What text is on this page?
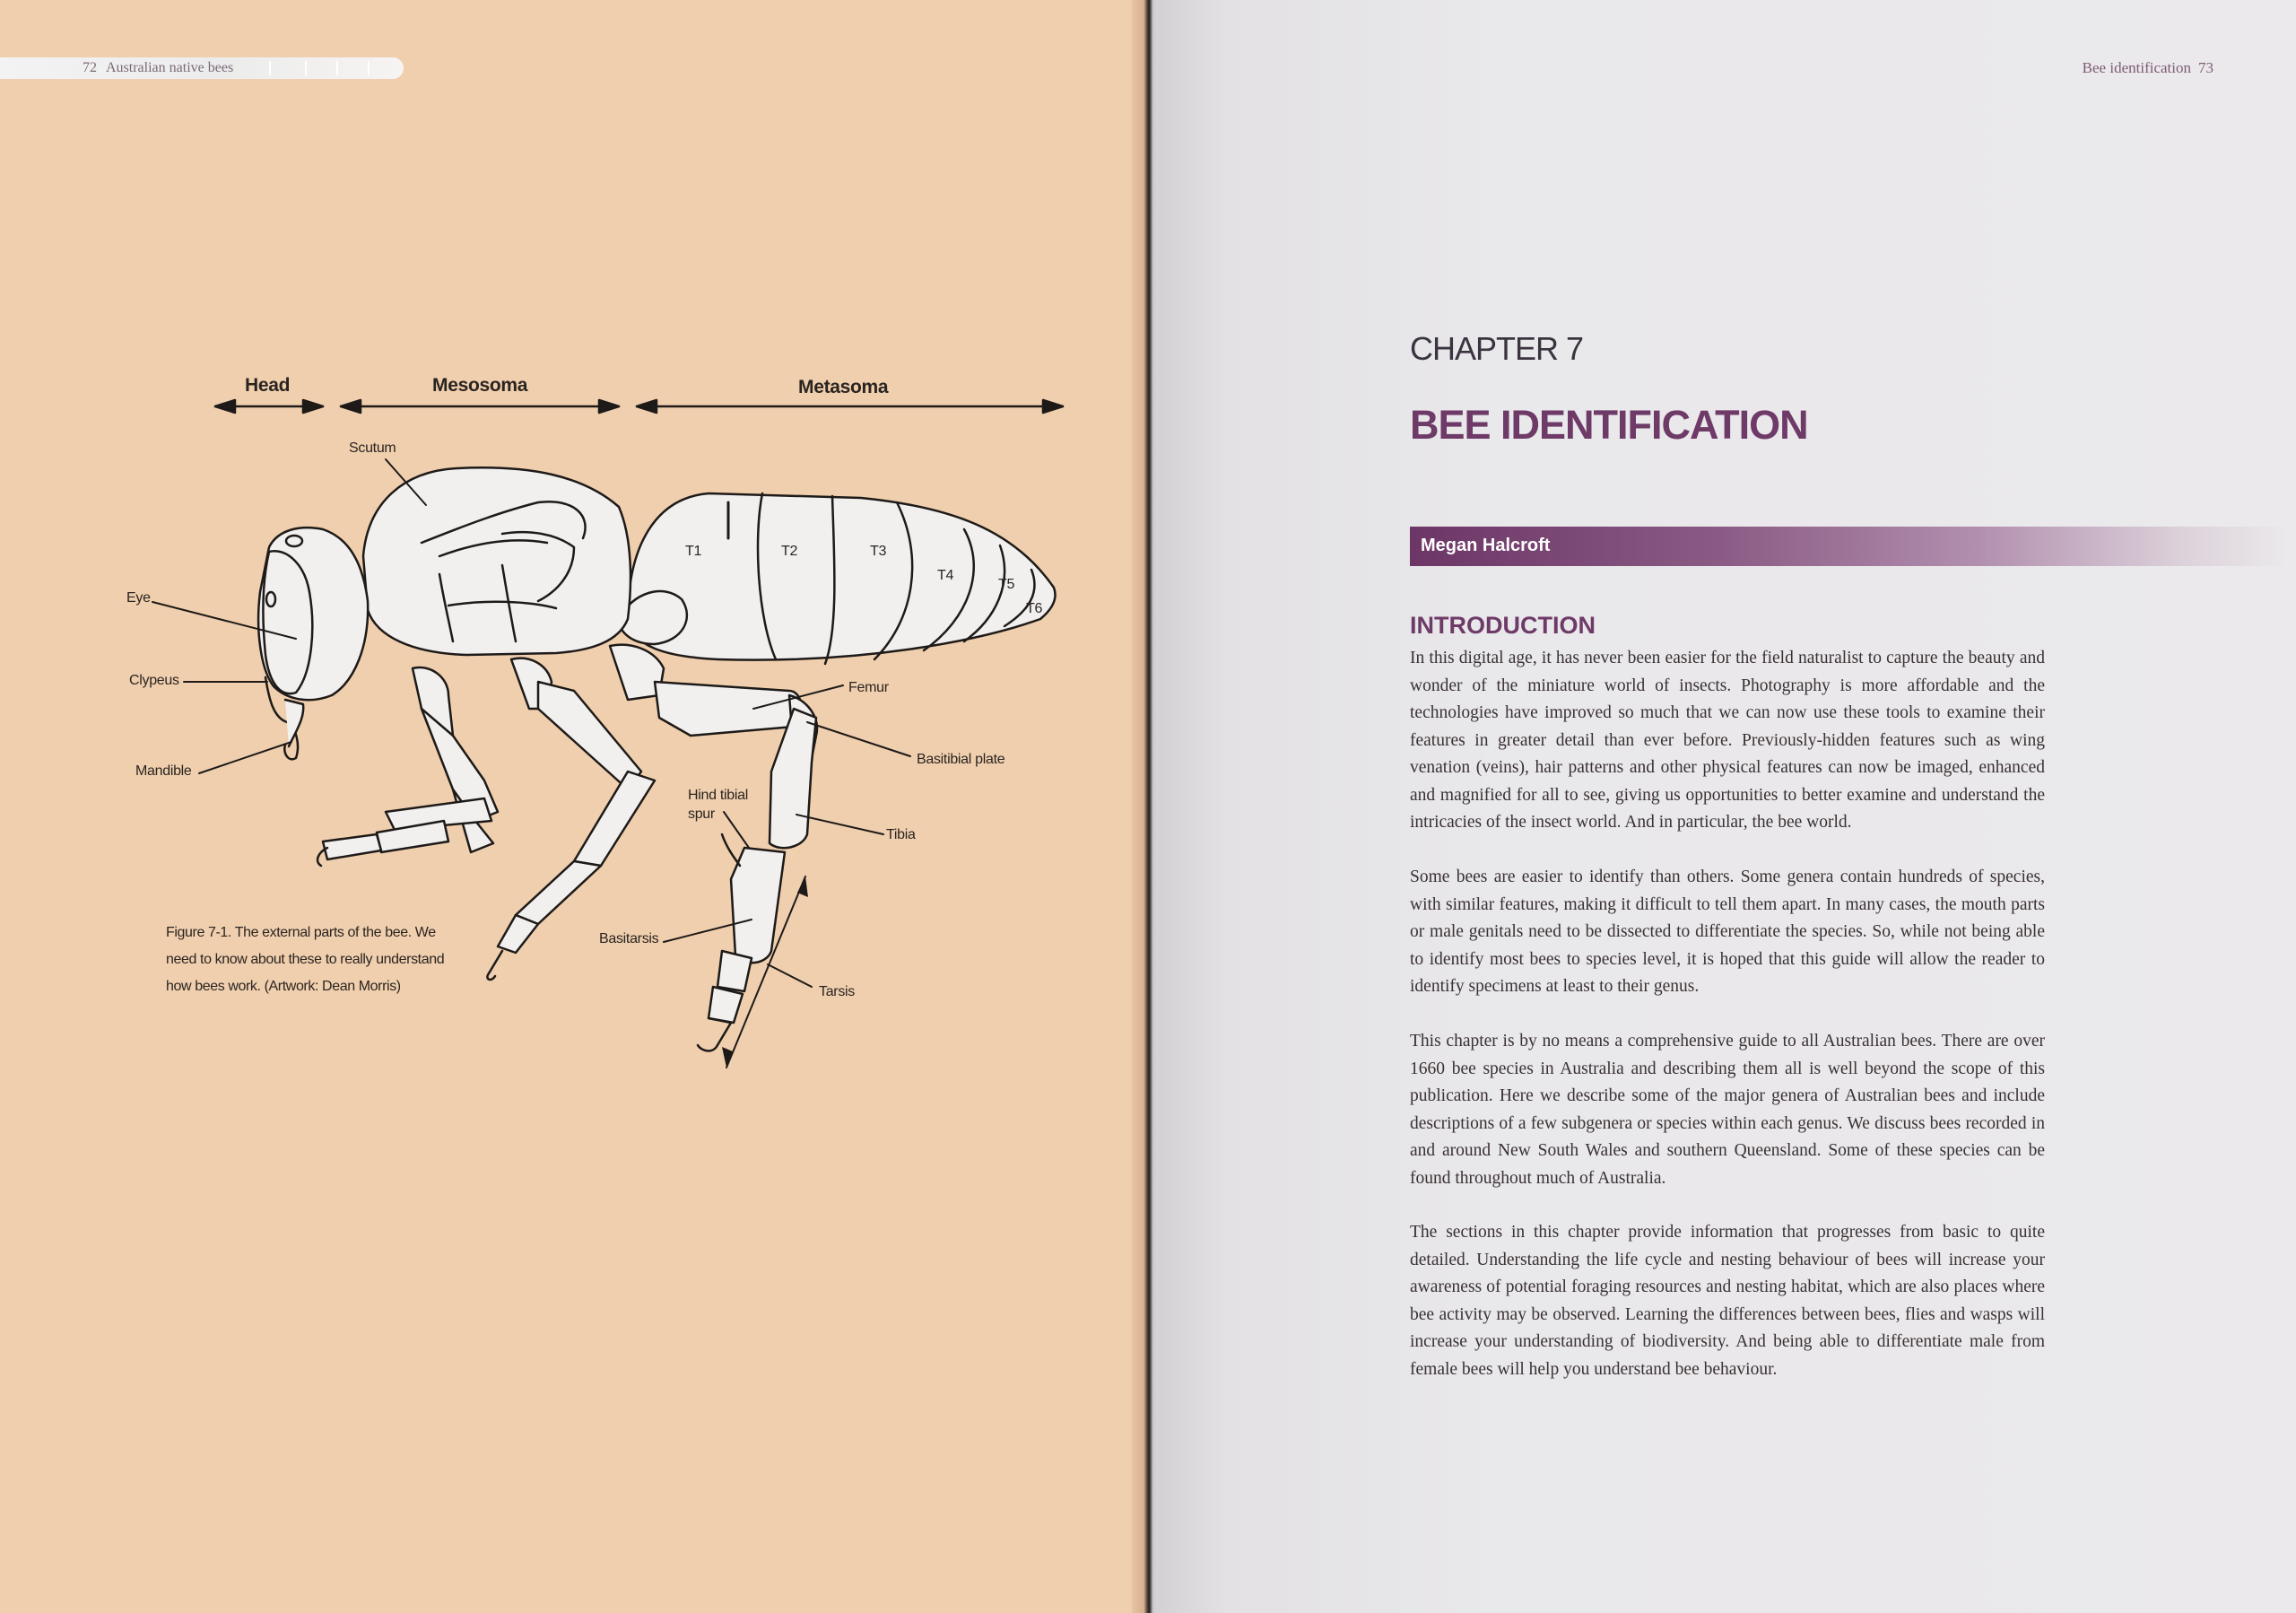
72 Australian native bees
Head	Mesosoma	Metasoma
Scutum
Eye
Clypeus
Mandible
T1	T2	T3
T4
T5
T6
Femur
Basitibial plate
Hind tibial spur
Tibia
Basitarsis
Tarsis
Figure 7-1. The external parts of the bee. We need to know about these to really understand how bees work. (Artwork: Dean Morris)
Bee identification 73
CHAPTER 7
BEE IDENTIFICATION
Megan Halcroft
INTRODUCTION
In this digital age, it has never been easier for the field naturalist to capture the beauty and wonder of the miniature world of insects. Photography is more affordable and the technologies have improved so much that we can now use these tools to examine their features in greater detail than ever before. Previously-hidden features such as wing venation (veins), hair patterns and other physical features can now be imaged, enhanced and magnified for all to see, giving us opportunities to better examine and understand the intricacies of the insect world. And in particular, the bee world.
Some bees are easier to identify than others. Some genera contain hundreds of species, with similar features, making it difficult to tell them apart. In many cases, the mouth parts or male genitals need to be dissected to differentiate the species. So, while not being able to identify most bees to species level, it is hoped that this guide will allow the reader to identify specimens at least to their genus.
This chapter is by no means a comprehensive guide to all Australian bees. There are over 1660 bee species in Australia and describing them all is well beyond the scope of this publication. Here we describe some of the major genera of Australian bees and include descriptions of a few subgenera or species within each genus. We discuss bees recorded in and around New South Wales and southern Queensland. Some of these species can be found throughout much of Australia.
The sections in this chapter provide information that progresses from basic to quite detailed. Understanding the life cycle and nesting behaviour of bees will increase your awareness of potential foraging resources and nesting habitat, which are also places where bee activity may be observed. Learning the differences between bees, flies and wasps will increase your understanding of biodiversity. And being able to differentiate male from female bees will help you understand bee behaviour.
